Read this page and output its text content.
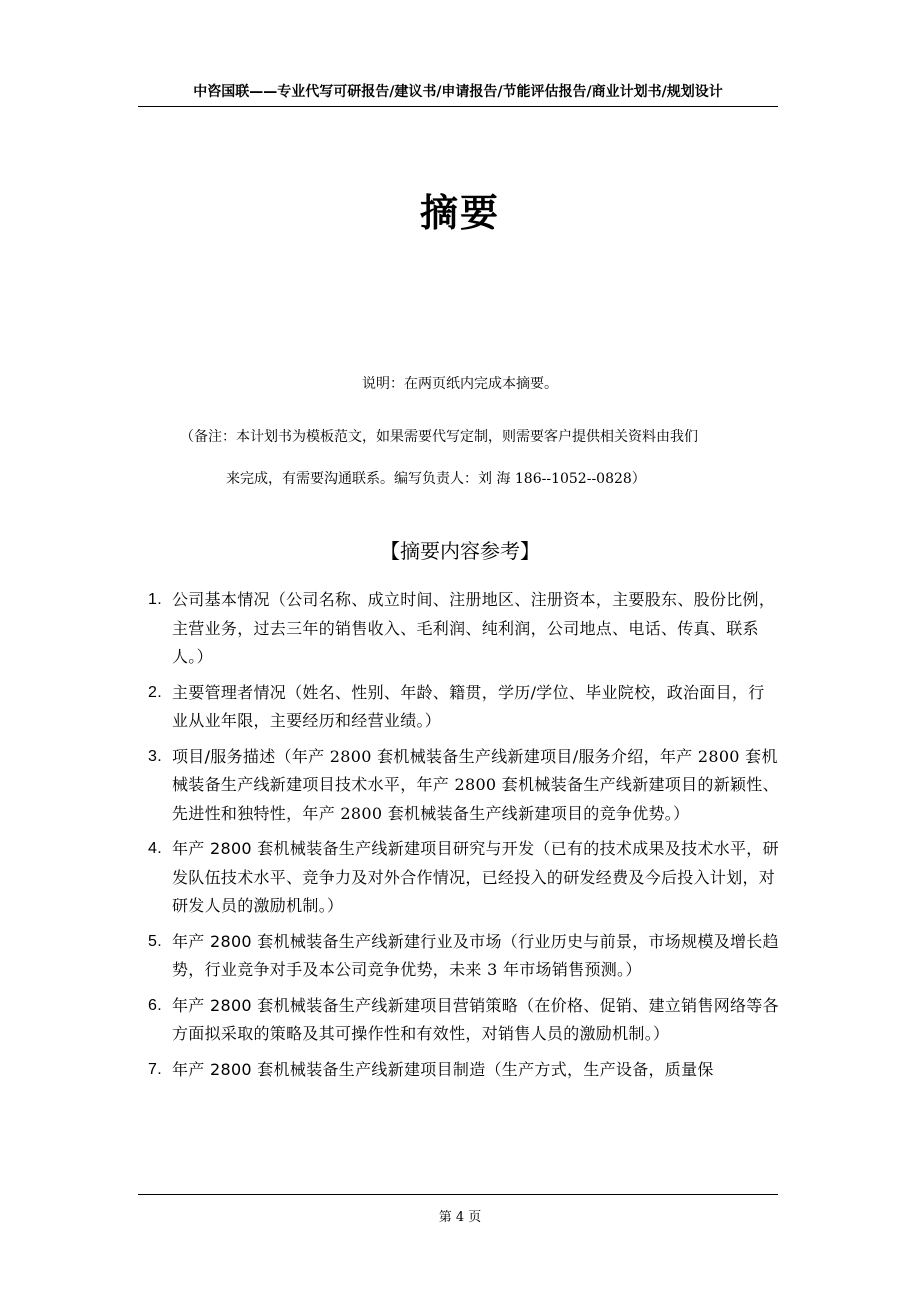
中咨国联——专业代写可研报告/建议书/申请报告/节能评估报告/商业计划书/规划设计
摘要
说明：在两页纸内完成本摘要。
（备注：本计划书为模板范文，如果需要代写定制，则需要客户提供相关资料由我们
来完成，有需要沟通联系。编写负责人：刘 海 186--1052--0828）
【摘要内容参考】
1. 公司基本情况（公司名称、成立时间、注册地区、注册资本，主要股东、股份比例，主营业务，过去三年的销售收入、毛利润、纯利润，公司地点、电话、传真、联系人。）
2. 主要管理者情况（姓名、性别、年龄、籍贯，学历/学位、毕业院校，政治面目，行业从业年限，主要经历和经营业绩。）
3. 项目/服务描述（年产 2800 套机械装备生产线新建项目/服务介绍，年产 2800 套机械装备生产线新建项目技术水平，年产 2800 套机械装备生产线新建项目的新颖性、先进性和独特性，年产 2800 套机械装备生产线新建项目的竞争优势。）
4. 年产 2800 套机械装备生产线新建项目研究与开发（已有的技术成果及技术水平，研发队伍技术水平、竞争力及对外合作情况，已经投入的研发经费及今后投入计划，对研发人员的激励机制。）
5. 年产 2800 套机械装备生产线新建行业及市场（行业历史与前景，市场规模及增长趋势，行业竞争对手及本公司竞争优势，未来 3 年市场销售预测。）
6. 年产 2800 套机械装备生产线新建项目营销策略（在价格、促销、建立销售网络等各方面拟采取的策略及其可操作性和有效性，对销售人员的激励机制。）
7. 年产 2800 套机械装备生产线新建项目制造（生产方式，生产设备，质量保
第 4 页
